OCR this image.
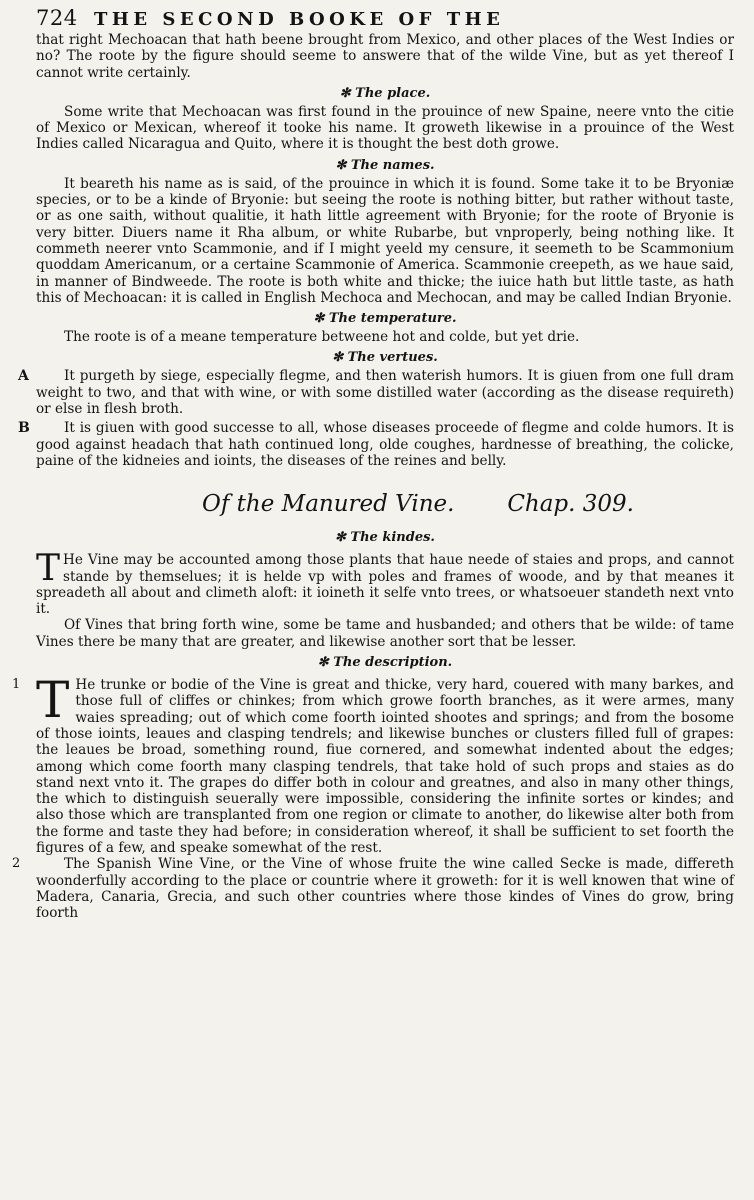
724 THE SECOND BOOKE OF THE

that right Mechoacan that hath beene brought from Mexico, and other places of the West Indies or no? The roote by the figure should seeme to answere that of the wilde Vine, but as yet thereof I cannot write certainly.

✻ The place.

Some write that Mechoacan was first found in the prouince of new Spaine, neere vnto the citie of Mexico or Mexican, whereof it tooke his name. It groweth likewise in a prouince of the West Indies called Nicaragua and Quito, where it is thought the best doth growe.

✻ The names.

It beareth his name as is said, of the prouince in which it is found. Some take it to be Bryoniæ species, or to be a kinde of Bryonie: but seeing the roote is nothing bitter, but rather without taste, or as one saith, without qualitie, it hath little agreement with Bryonie; for the roote of Bryonie is very bitter. Diuers name it Rha album, or white Rubarbe, but vnproperly, being nothing like. It commeth neerer vnto Scammonie, and if I might yeeld my censure, it seemeth to be Scammonium quoddam Americanum, or a certaine Scammonie of America. Scammonie creepeth, as we haue said, in manner of Bindweede. The roote is both white and thicke; the iuice hath but little taste, as hath this of Mechoacan: it is called in English Mechoca and Mechocan, and may be called Indian Bryonie.

✻ The temperature.

The roote is of a meane temperature betweene hot and colde, but yet drie.

✻ The vertues.
A	It purgeth by siege, especially flegme, and then waterish humors. It is giuen from one full dram weight to two, and that with wine, or with some distilled water (according as the disease requireth) or else in flesh broth.

B	It is giuen with good successe to all, whose diseases proceede of flegme and colde humors. It is good against headach that hath continued long, olde coughes, hardnesse of breathing, the colicke, paine of the kidneies and ioints, the diseases of the reines and belly.

Of the Manured Vine. Chap. 309.
✻ The kindes.

T He Vine may be accounted among those plants that haue neede of staies and props, and cannot stande by themselues; it is helde vp with poles and frames of woode, and by that meanes it spreadeth all about and climeth aloft: it ioineth it selfe vnto trees, or whatsoeuer standeth next vnto it.

Of Vines that bring forth wine, some be tame and husbanded; and others that be wilde: of tame Vines there be many that are greater, and likewise another sort that be lesser.

✻ The description.
1 T He trunke or bodie of the Vine is great and thicke, very hard, couered with many barkes, and those full of cliffes or chinkes; from which growe foorth branches, as it were armes, many waies spreading; out of which come foorth iointed shootes and springs; and from the bosome of those ioints, leaues and clasping tendrels; and likewise bunches or clusters filled full of grapes: the leaues be broad, something round, fiue cornered, and somewhat indented about the edges; among which come foorth many clasping tendrels, that take hold of such props and staies as do stand next vnto it. The grapes do differ both in colour and greatnes, and also in many other things, the which to distinguish seuerally were impossible, considering the infinite sortes or kindes; and also those which are transplanted from one region or climate to another, do likewise alter both from the forme and taste they had before; in consideration whereof, it shall be sufficient to set foorth the figures of a few, and speake somewhat of the rest.

2	The Spanish Wine Vine, or the Vine of whose fruite the wine called Secke is made, differeth woonderfully according to the place or countrie where it groweth: for it is well knowen that wine of Madera, Canaria, Grecia, and such other countries where those kindes of Vines do grow, bring foorth
